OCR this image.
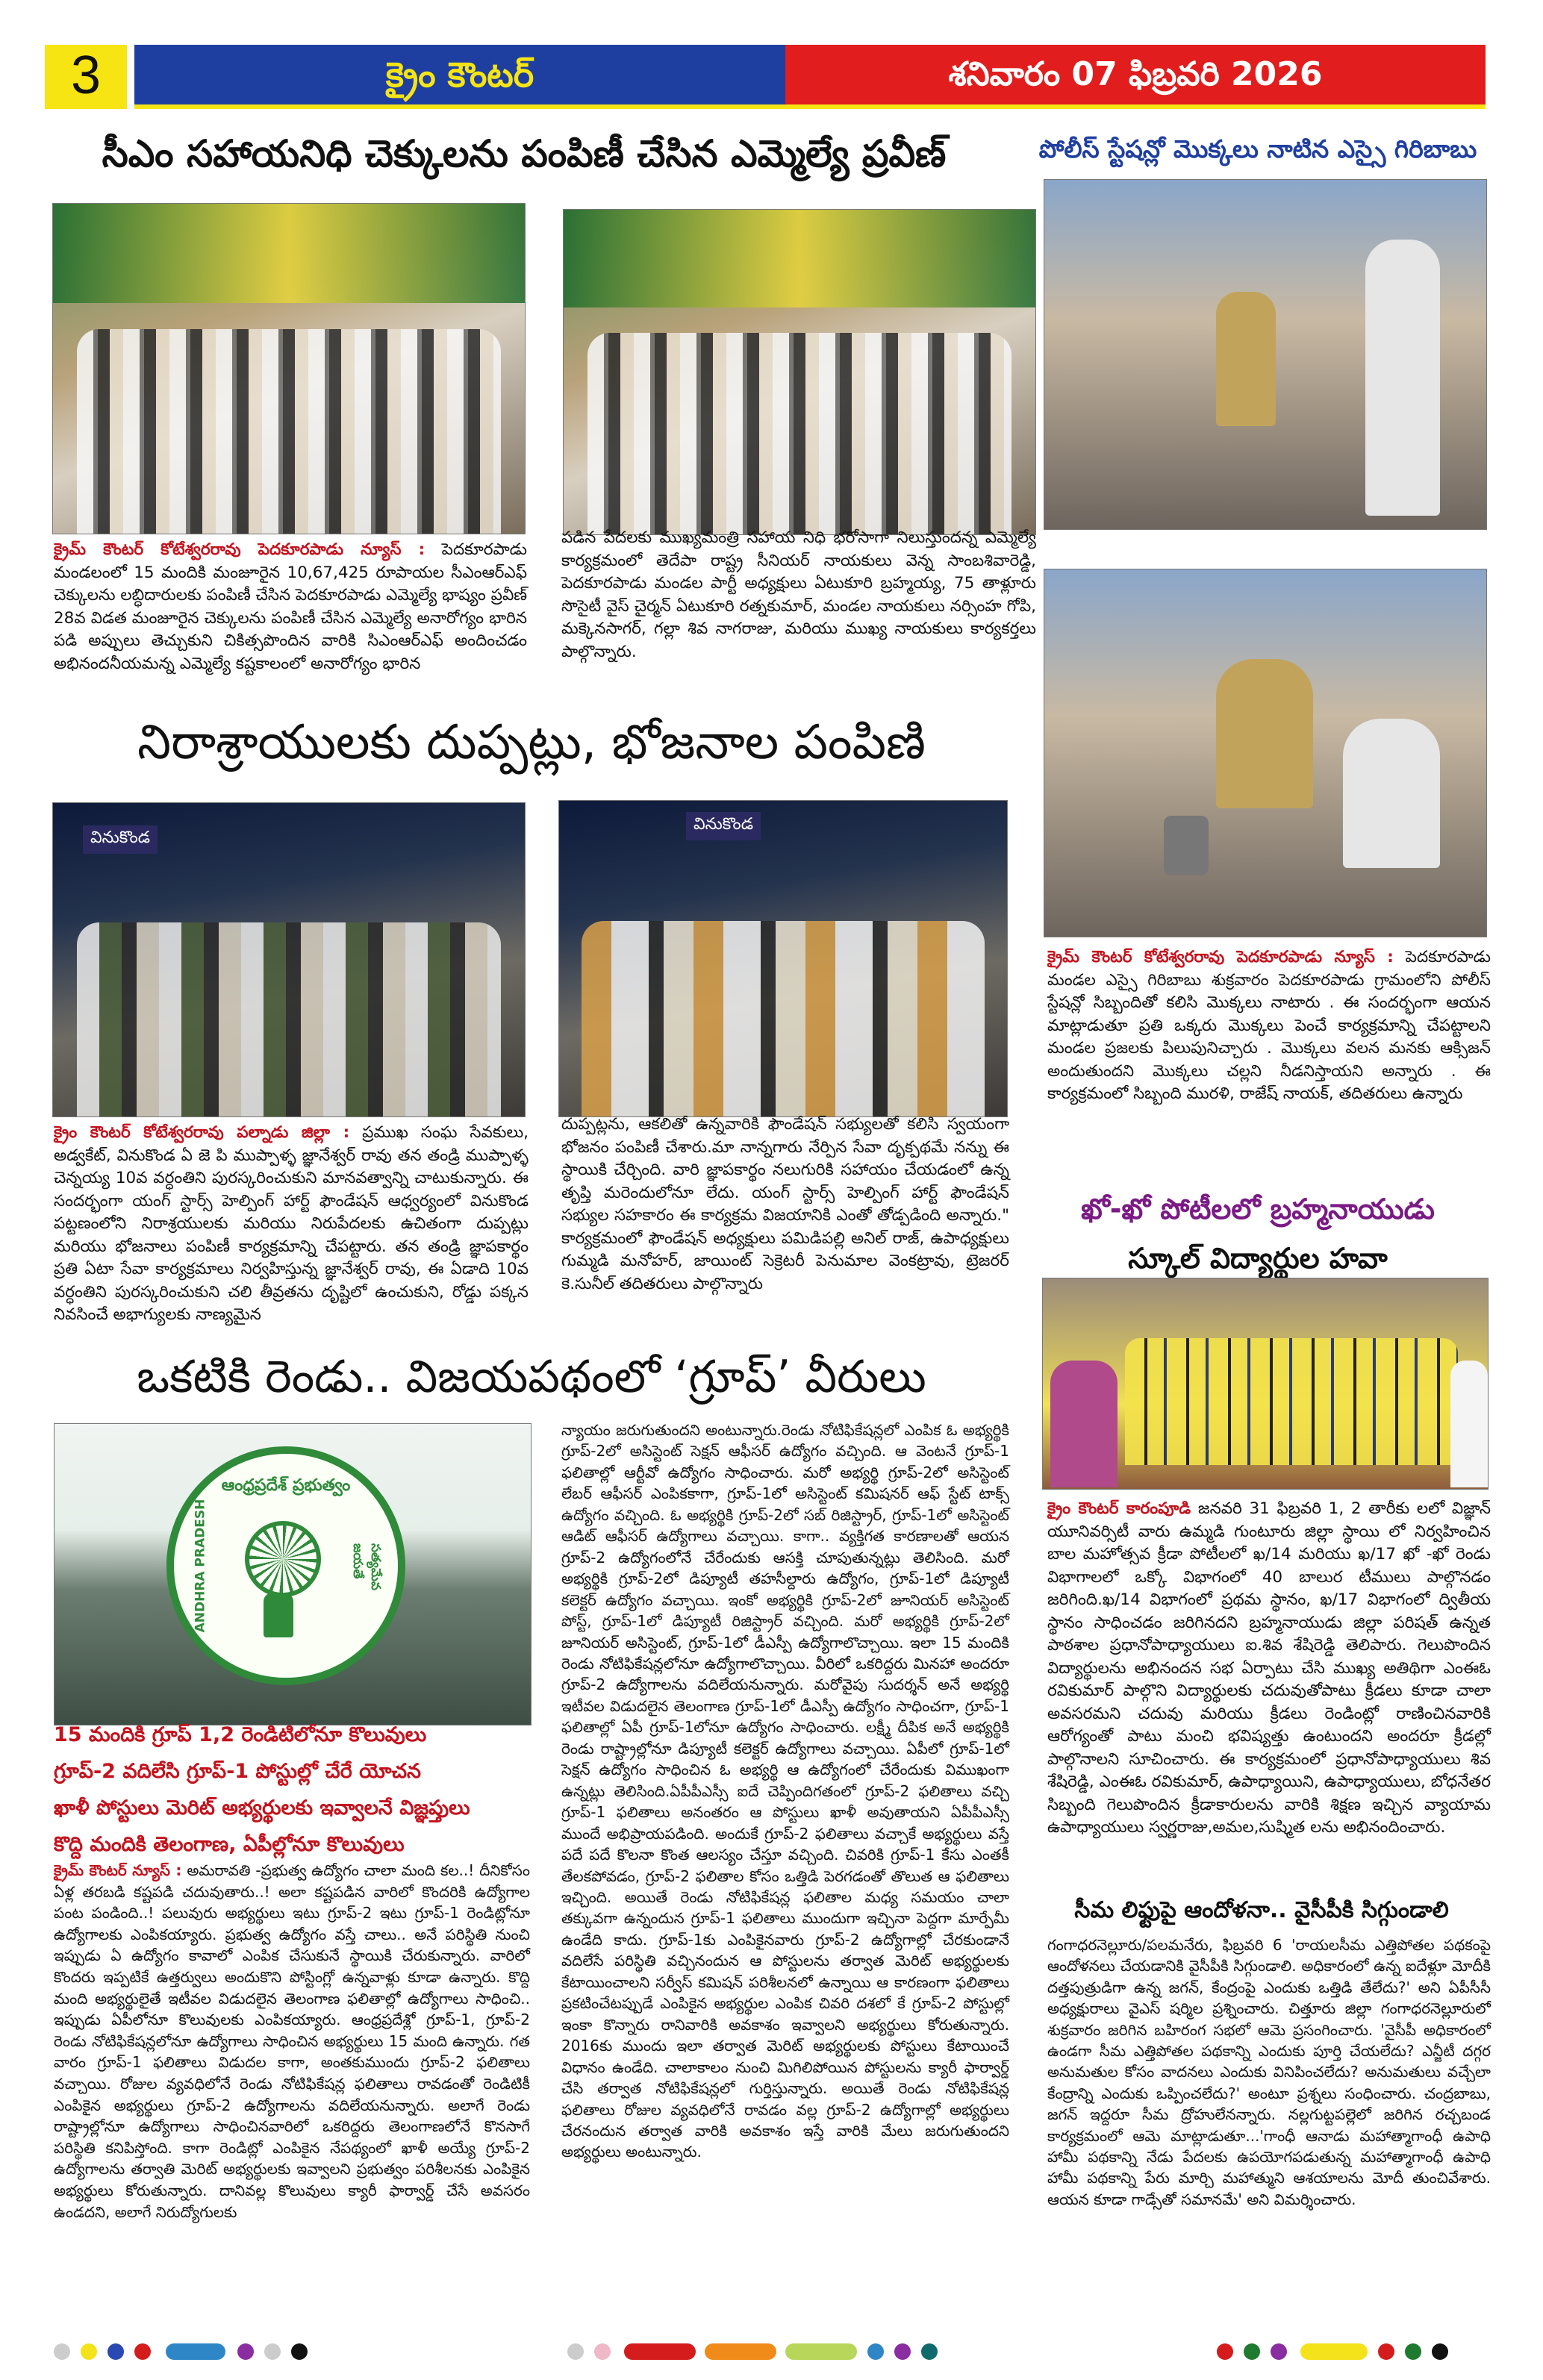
3	క్రైం కౌంటర్	శనివారం 07 ఫిబ్రవరి 2026
సీఎం సహాయనిధి చెక్కులను పంపిణీ చేసిన ఎమ్మెల్యే ప్రవీణ్

క్రైమ్ కౌంటర్ కోటేశ్వరరావు పెదకూరపాడు న్యూస్ : పెదకూరపాడు మండలంలో 15 మందికి మంజూరైన 10,67,425 రూపాయల సీఎంఆర్ఎఫ్ చెక్కులను లబ్ధిదారులకు పంపిణీ చేసిన పెదకూరపాడు ఎమ్మెల్యే భాష్యం ప్రవీణ్ 28వ విడత మంజూరైన చెక్కులను పంపిణీ చేసిన ఎమ్మెల్యే అనారోగ్యం భారిన పడి అప్పులు తెచ్చుకుని చికిత్సపొందిన వారికి సిఎంఆర్ఎఫ్ అందించడం అభినందనీయమన్న ఎమ్మెల్యే కష్టకాలంలో అనారోగ్యం భారిన

పడిన పేదలకు ముఖ్యమంత్రి సహాయ నిధి భరోసాగా నిలుస్తుందన్న ఎమ్మెల్యే కార్యక్రమంలో తెదేపా రాష్ట్ర సీనియర్ నాయకులు వెన్న సాంబశివారెడ్డి, పెదకూరపాడు మండల పార్టీ అధ్యక్షులు ఏటుకూరి బ్రహ్మయ్య, 75 తాళ్లూరు సొసైటీ వైస్ చైర్మన్ ఏటుకూరి రత్నకుమార్, మండల నాయకులు నర్సింహ గోపి, మక్కెనసాగర్, గల్లా శివ నాగరాజు, మరియు ముఖ్య నాయకులు కార్యకర్తలు పాల్గొన్నారు.

నిరాశ్రాయులకు దుప్పట్లు, భోజనాల పంపిణి
వినుకొండ
వినుకొండ

క్రైం కౌంటర్ కోటేశ్వరరావు పల్నాడు జిల్లా : ప్రముఖ సంఘ సేవకులు, అడ్వకేట్, వినుకొండ ఏ జె పి ముప్పాళ్ళ జ్ఞానేశ్వర్ రావు తన తండ్రి ముప్పాళ్ళ చెన్నయ్య 10వ వర్ధంతిని పురస్కరించుకుని మానవత్వాన్ని చాటుకున్నారు. ఈ సందర్భంగా యంగ్ స్టార్స్ హెల్పింగ్ హార్ట్ ఫౌండేషన్ ఆధ్వర్యంలో వినుకొండ పట్టణంలోని నిరాశ్రయులకు మరియు నిరుపేదలకు ఉచితంగా దుప్పట్లు మరియు భోజనాలు పంపిణీ కార్యక్రమాన్ని చేపట్టారు. తన తండ్రి జ్ఞాపకార్థం ప్రతి ఏటా సేవా కార్యక్రమాలు నిర్వహిస్తున్న జ్ఞానేశ్వర్ రావు, ఈ ఏడాది 10వ వర్ధంతిని పురస్కరించుకుని చలి తీవ్రతను దృష్టిలో ఉంచుకుని, రోడ్డు పక్కన నివసించే అభాగ్యులకు నాణ్యమైన

దుప్పట్లను, ఆకలితో ఉన్నవారికి ఫౌండేషన్ సభ్యులతో కలిసి స్వయంగా భోజనం పంపిణీ చేశారు.మా నాన్నగారు నేర్పిన సేవా దృక్పథమే నన్ను ఈ స్థాయికి చేర్చింది. వారి జ్ఞాపకార్థం నలుగురికి సహాయం చేయడంలో ఉన్న తృప్తి మరెందులోనూ లేదు. యంగ్ స్టార్స్ హెల్పింగ్ హార్ట్ ఫౌండేషన్ సభ్యుల సహకారం ఈ కార్యక్రమ విజయానికి ఎంతో తోడ్పడింది అన్నారు." కార్యక్రమంలో ఫౌండేషన్ అధ్యక్షులు పమిడిపల్లి అనిల్ రాజ్, ఉపాధ్యక్షులు గుమ్మడి మనోహర్, జాయింట్ సెక్రెటరీ పెనుమాల వెంకట్రావు, ట్రెజరర్ కె.సునీల్ తదితరులు పాల్గొన్నారు

ఒకటికి రెండు.. విజయపథంలో ‘గ్రూప్’ వీరులు
ఆంధ్రప్రదేశ్ ప్రభుత్వం
ANDHRA PRADESH	సత్యమేవ జయతే
15 మందికి గ్రూప్ 1,2 రెండిటిలోనూ కొలువులు
గ్రూప్-2 వదిలేసి గ్రూప్-1 పోస్టుల్లో చేరే యోచన
ఖాళీ పోస్టులు మెరిట్ అభ్యర్థులకు ఇవ్వాలనే విజ్ఞప్తులు
కొద్ది మందికి తెలంగాణ, ఏపీల్లోనూ కొలువులు

క్రైమ్ కౌంటర్ న్యూస్ : అమరావతి -ప్రభుత్వ ఉద్యోగం చాలా మంది కల..! దీనికోసం ఏళ్ల తరబడి కష్టపడి చదువుతారు..! అలా కష్టపడిన వారిలో కొందరికి ఉద్యోగాల పంట పండింది..! పలువురు అభ్యర్థులు ఇటు గ్రూప్-2 ఇటు గ్రూప్-1 రెండిట్లోనూ ఉద్యోగాలకు ఎంపికయ్యారు. ప్రభుత్వ ఉద్యోగం వస్తే చాలు.. అనే పరిస్థితి నుంచి ఇప్పుడు ఏ ఉద్యోగం కావాలో ఎంపిక చేసుకునే స్థాయికి చేరుకున్నారు. వారిలో కొందరు ఇప్పటికే ఉత్తర్వులు అందుకొని పోస్టింగ్లో ఉన్నవాళ్లు కూడా ఉన్నారు. కొద్ది మంది అభ్యర్థులైతే ఇటీవల విడుదలైన తెలంగాణ ఫలితాల్లో ఉద్యోగాలు సాధించి.. ఇప్పుడు ఏపీలోనూ కొలువులకు ఎంపికయ్యారు. ఆంధ్రప్రదేశ్లో గ్రూప్-1, గ్రూప్-2 రెండు నోటిఫికేషన్లలోనూ ఉద్యోగాలు సాధించిన అభ్యర్థులు 15 మంది ఉన్నారు. గత వారం గ్రూప్-1 ఫలితాలు విడుదల కాగా, అంతకుముందు గ్రూప్-2 ఫలితాలు వచ్చాయి. రోజుల వ్యవధిలోనే రెండు నోటిఫికేషన్ల ఫలితాలు రావడంతో రెండిటికీ ఎంపికైన అభ్యర్థులు గ్రూప్-2 ఉద్యోగాలను వదిలేయనున్నారు. అలాగే రెండు రాష్ట్రాల్లోనూ ఉద్యోగాలు సాధించినవారిలో ఒకరిద్దరు తెలంగాణలోనే కొనసాగే పరిస్థితి కనిపిస్తోంది. కాగా రెండిట్లో ఎంపికైన నేపథ్యంలో ఖాళీ అయ్యే గ్రూప్-2 ఉద్యోగాలను తర్వాతి మెరిట్ అభ్యర్థులకు ఇవ్వాలని ప్రభుత్వం పరిశీలనకు ఎంపికైన అభ్యర్థులు కోరుతున్నారు. దానివల్ల కొలువులు క్యారీ ఫార్వార్డ్ చేసే అవసరం ఉండదని, అలాగే నిరుద్యోగులకు

న్యాయం జరుగుతుందని అంటున్నారు.రెండు నోటిఫికేషన్లలో ఎంపిక ఓ అభ్యర్థికి గ్రూప్-2లో అసిస్టెంట్ సెక్షన్ ఆఫీసర్ ఉద్యోగం వచ్చింది. ఆ వెంటనే గ్రూప్-1 ఫలితాల్లో ఆర్టీవో ఉద్యోగం సాధించారు. మరో అభ్యర్థి గ్రూప్-2లో అసిస్టెంట్ లేబర్ ఆఫీసర్ ఎంపికకాగా, గ్రూప్-1లో అసిస్టెంట్ కమిషనర్ ఆఫ్ స్టేట్ టాక్స్ ఉద్యోగం వచ్చింది. ఓ అభ్యర్థికి గ్రూప్-2లో సబ్ రిజిస్ట్రార్, గ్రూప్-1లో అసిస్టెంట్ ఆడిట్ ఆఫీసర్ ఉద్యోగాలు వచ్చాయి. కాగా.. వ్యక్తిగత కారణాలతో ఆయన గ్రూప్-2 ఉద్యోగంలోనే చేరేందుకు ఆసక్తి చూపుతున్నట్లు తెలిసింది. మరో అభ్యర్థికి గ్రూప్-2లో డిప్యూటీ తహసీల్దారు ఉద్యోగం, గ్రూప్-1లో డిప్యూటీ కలెక్టర్ ఉద్యోగం వచ్చాయి. ఇంకో అభ్యర్థికి గ్రూప్-2లో జూనియర్ అసిస్టెంట్ పోస్ట్, గ్రూప్-1లో డిప్యూటీ రిజిస్ట్రార్ వచ్చింది. మరో అభ్యర్థికి గ్రూప్-2లో జూనియర్ అసిస్టెంట్, గ్రూప్-1లో డీఎస్పీ ఉద్యోగాలొచ్చాయి. ఇలా 15 మందికి రెండు నోటిఫికేషన్లలోనూ ఉద్యోగాలొచ్చాయి. వీరిలో ఒకరిద్దరు మినహా అందరూ గ్రూప్-2 ఉద్యోగాలను వదిలేయనున్నారు. మరోవైపు సుదర్శన్ అనే అభ్యర్థి ఇటీవల విడుదలైన తెలంగాణ గ్రూప్-1లో డీఎస్పీ ఉద్యోగం సాధించగా, గ్రూప్-1 ఫలితాల్లో ఏపీ గ్రూప్-1లోనూ ఉద్యోగం సాధించారు. లక్ష్మీ దీపిక అనే అభ్యర్థికి రెండు రాష్ట్రాల్లోనూ డిప్యూటీ కలెక్టర్ ఉద్యోగాలు వచ్చాయి. ఏపీలో గ్రూప్-1లో సెక్షన్ ఉద్యోగం సాధించిన ఓ అభ్యర్థి ఆ ఉద్యోగంలో చేరేందుకు విముఖంగా ఉన్నట్లు తెలిసింది.ఏపీపీఎస్సీ ఐదే చెప్పిందిగతంలో గ్రూప్-2 ఫలితాలు వచ్చి గ్రూప్-1 ఫలితాలు అనంతరం ఆ పోస్టులు ఖాళీ అవుతాయని ఏపీపీఎస్సీ ముందే అభిప్రాయపడింది. అందుకే గ్రూప్-2 ఫలితాలు వచ్చాకే అభ్యర్థులు వస్తే పదే పదే కొలనా కొంత ఆలస్యం చేస్తూ వచ్చింది. చివరికి గ్రూప్-1 కేసు ఎంతకీ తేలకపోవడం, గ్రూప్-2 ఫలితాల కోసం ఒత్తిడి పెరగడంతో తొలుత ఆ ఫలితాలు ఇచ్చింది. అయితే రెండు నోటిఫికేషన్ల ఫలితాల మధ్య సమయం చాలా తక్కువగా ఉన్నందున గ్రూప్-1 ఫలితాలు ముందుగా ఇచ్చినా పెద్దగా మార్పేమీ ఉండేది కాదు. గ్రూప్-1కు ఎంపికైనవారు గ్రూప్-2 ఉద్యోగాల్లో చేరకుండానే వదిలేసే పరిస్థితి వచ్చినందున ఆ పోస్టులను తర్వాత మెరిట్ అభ్యర్థులకు కేటాయించాలని సర్వీస్ కమిషన్ పరిశీలనలో ఉన్నాయి ఆ కారణంగా ఫలితాలు ప్రకటించేటప్పుడే ఎంపికైన అభ్యర్థుల ఎంపిక చివరి దశలో కే గ్రూప్-2 పోస్టుల్లో ఇంకా కొన్నారు రానివారికి అవకాశం ఇవ్వాలని అభ్యర్థులు కోరుతున్నారు. 2016కు ముందు ఇలా తర్వాత మెరిట్ అభ్యర్థులకు పోస్టులు కేటాయించే విధానం ఉండేది. చాలాకాలం నుంచి మిగిలిపోయిన పోస్టులను క్యారీ ఫార్వార్డ్ చేసి తర్వాత నోటిఫికేషన్లలో గుర్తిస్తున్నారు. అయితే రెండు నోటిఫికేషన్ల ఫలితాలు రోజుల వ్యవధిలోనే రావడం వల్ల గ్రూప్-2 ఉద్యోగాల్లో అభ్యర్థులు చేరనందున తర్వాత వారికి అవకాశం ఇస్తే వారికి మేలు జరుగుతుందని అభ్యర్థులు అంటున్నారు.

పోలీస్ స్టేషన్లో మొక్కలు నాటిన ఎస్సై గిరిబాబు

క్రైమ్ కౌంటర్ కోటేశ్వరరావు పెదకూరపాడు న్యూస్ : పెదకూరపాడు మండల ఎస్సై గిరిబాబు శుక్రవారం పెదకూరపాడు గ్రామంలోని పోలీస్ స్టేషన్లో సిబ్బందితో కలిసి మొక్కలు నాటారు . ఈ సందర్భంగా ఆయన మాట్లాడుతూ ప్రతి ఒక్కరు మొక్కలు పెంచే కార్యక్రమాన్ని చేపట్టాలని మండల ప్రజలకు పిలుపునిచ్చారు . మొక్కలు వలన మనకు ఆక్సిజన్ అందుతుందని మొక్కలు చల్లని నీడనిస్తాయని అన్నారు . ఈ కార్యక్రమంలో సిబ్బంది మురళి, రాజేష్ నాయక్, తదితరులు ఉన్నారు

ఖో-ఖో పోటీలలో బ్రహ్మనాయుడు
స్కూల్ విద్యార్థుల హవా

క్రైం కౌంటర్ కారంపూడి జనవరి 31 ఫిబ్రవరి 1, 2 తారీకు లలో విజ్ఞాన్ యూనివర్సిటీ వారు ఉమ్మడి గుంటూరు జిల్లా స్థాయి లో నిర్వహించిన బాల మహోత్సవ క్రీడా పోటీలలో ఖ/14 మరియు ఖ/17 ఖో -ఖో రెండు విభాగాలలో ఒక్కో విభాగంలో 40 బాలుర టీములు పాల్గొనడం జరిగింది.ఖ/14 విభాగంలో ప్రథమ స్థానం, ఖ/17 విభాగంలో ద్వితీయ స్థానం సాధించడం జరిగినదని బ్రహ్మనాయుడు జిల్లా పరిషత్ ఉన్నత పాఠశాల ప్రధానోపాధ్యాయులు ఐ.శివ శేషిరెడ్డి తెలిపారు. గెలుపొందిన విద్యార్థులను అభినందన సభ ఏర్పాటు చేసి ముఖ్య అతిథిగా ఎంఈఓ రవికుమార్ పాల్గొని విద్యార్థులకు చదువుతోపాటు క్రీడలు కూడా చాలా అవసరమని చదువు మరియు క్రీడలు రెండింట్లో రాణించినవారికి ఆరోగ్యంతో పాటు మంచి భవిష్యత్తు ఉంటుందని అందరూ క్రీడల్లో పాల్గొనాలని సూచించారు. ఈ కార్యక్రమంలో ప్రధానోపాధ్యాయులు శివ శేషిరెడ్డి, ఎంఈఓ రవికుమార్, ఉపాధ్యాయిని, ఉపాధ్యాయులు, బోధనేతర సిబ్బంది గెలుపొందిన క్రీడాకారులను వారికి శిక్షణ ఇచ్చిన వ్యాయామ ఉపాధ్యాయులు స్వర్ణరాజు,అమల,సుష్మిత లను అభినందించారు.

సీమ లిఫ్టుపై ఆందోళనా.. వైసీపీకి సిగ్గుండాలి

గంగాధరనెల్లూరు/పలమనేరు, ఫిబ్రవరి 6 'రాయలసీమ ఎత్తిపోతల పథకంపై ఆందోళనలు చేయడానికి వైసీపీకి సిగ్గుండాలి. అధికారంలో ఉన్న ఐదేళ్లూ మోదీకి దత్తపుత్రుడిగా ఉన్న జగన్, కేంద్రంపై ఎందుకు ఒత్తిడి తేలేదు?' అని ఏపీసీసీ అధ్యక్షురాలు వైఎస్ షర్మిల ప్రశ్నించారు. చిత్తూరు జిల్లా గంగాధరనెల్లూరులో శుక్రవారం జరిగిన బహిరంగ సభలో ఆమె ప్రసంగించారు. 'వైసీపీ అధికారంలో ఉండగా సీమ ఎత్తిపోతల పథకాన్ని ఎందుకు పూర్తి చేయలేదు? ఎన్జీటీ దగ్గర అనుమతుల కోసం వాదనలు ఎందుకు వినిపించలేదు? అనుమతులు వచ్చేలా కేంద్రాన్ని ఎందుకు ఒప్పించలేదు?' అంటూ ప్రశ్నలు సంధించారు. చంద్రబాబు, జగన్ ఇద్దరూ సీమ ద్రోహులేనన్నారు. నల్లగుట్టపల్లెలో జరిగిన రచ్చబండ కార్యక్రమంలో ఆమె మాట్లాడుతూ...'గాంధీ ఆనాడు మహాత్మాగాంధీ ఉపాధి హామీ పథకాన్ని నేడు పేదలకు ఉపయోగపడుతున్న మహాత్మాగాంధీ ఉపాధి హామీ పథకాన్ని పేరు మార్చి మహాత్ముని ఆశయాలను మోదీ తుంచివేశారు. ఆయన కూడా గాడ్సేతో సమానమే' అని విమర్శించారు.
